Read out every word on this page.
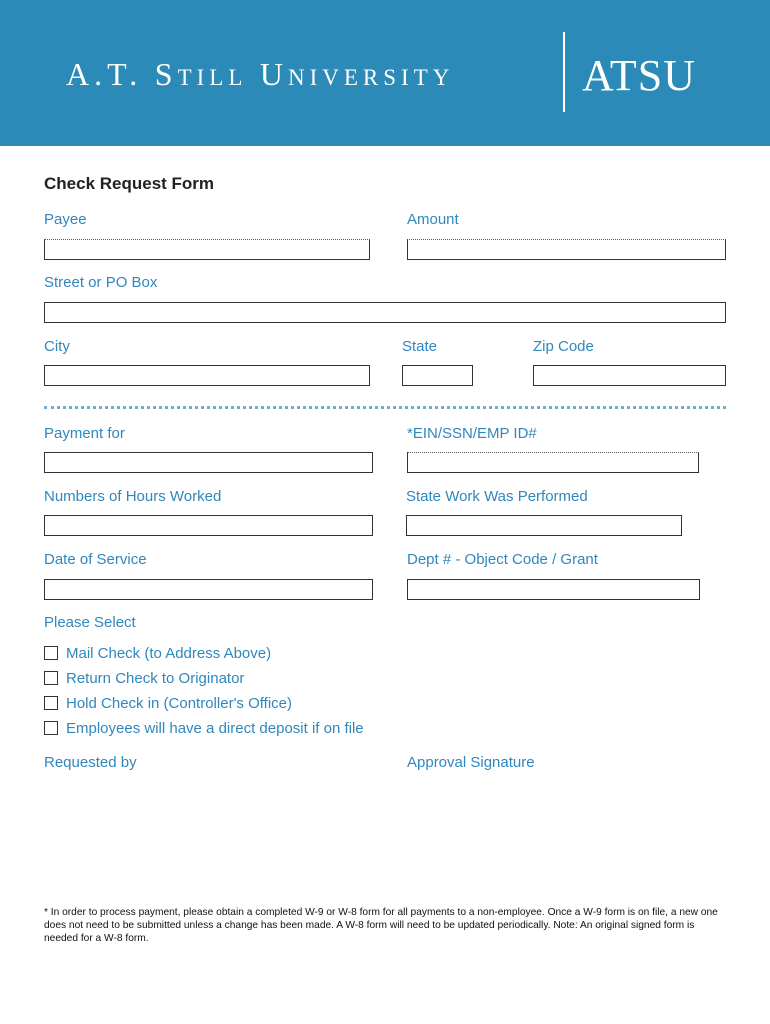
A.T. STILL UNIVERSITY	ATSU
Check Request Form
Payee	Amount
Street or PO Box
City	State	Zip Code
Payment for	*EIN/SSN/EMP ID#
Numbers of Hours Worked	State Work Was Performed
Date of Service	Dept # - Object Code / Grant
Please Select
Mail Check (to Address Above)
Return Check to Originator
Hold Check in (Controller's Office)
Employees will have a direct deposit if on file
Requested by	Approval Signature
* In order to process payment, please obtain a completed W-9 or W-8 form for all payments to a non-employee. Once a W-9 form is on file, a new one does not need to be submitted unless a change has been made. A W-8 form will need to be updated periodically. Note: An original signed form is needed for a W-8 form.
